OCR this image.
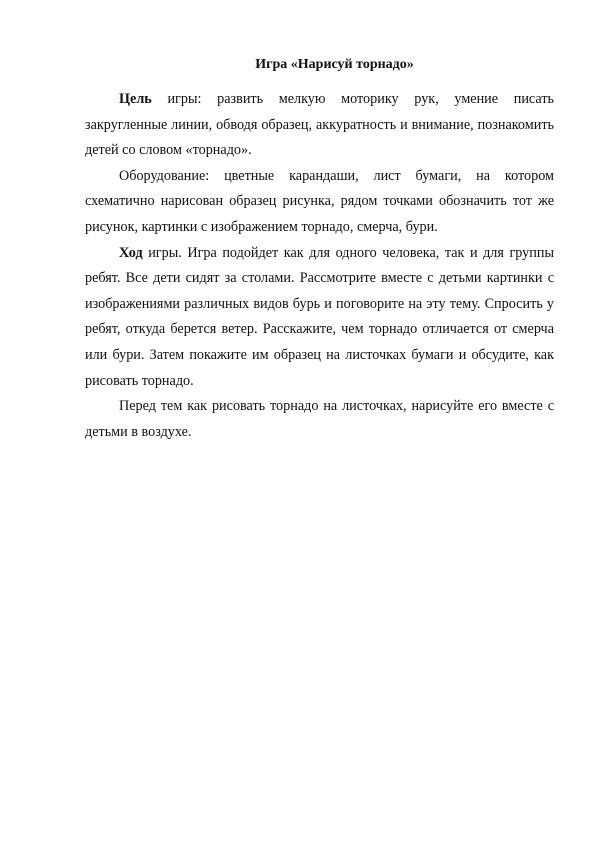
Игра «Нарисуй торнадо»

Цель игры: развить мелкую моторику рук, умение писать закругленные линии, обводя образец, аккуратность и внимание, познакомить детей со словом «торнадо».

Оборудование: цветные карандаши, лист бумаги, на котором схематично нарисован образец рисунка, рядом точками обозначить тот же рисунок, картинки с изображением торнадо, смерча, бури.

Ход игры. Игра подойдет как для одного человека, так и для группы ребят. Все дети сидят за столами. Рассмотрите вместе с детьми картинки с изображениями различных видов бурь и поговорите на эту тему. Спросить у ребят, откуда берется ветер. Расскажите, чем торнадо отличается от смерча или бури. Затем покажите им образец на листочках бумаги и обсудите, как рисовать торнадо.

Перед тем как рисовать торнадо на листочках, нарисуйте его вместе с детьми в воздухе.
